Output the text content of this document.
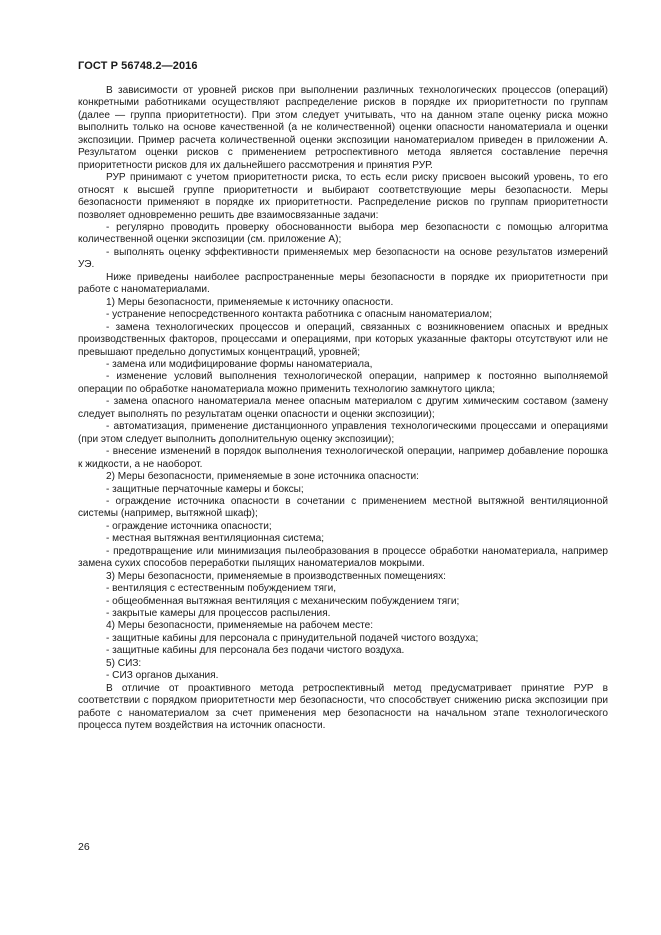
ГОСТ Р 56748.2—2016

В зависимости от уровней рисков при выполнении различных технологических процессов (операций) конкретными работниками осуществляют распределение рисков в порядке их приоритетности по группам (далее — группа приоритетности). При этом следует учитывать, что на данном этапе оценку риска можно выполнить только на основе качественной (а не количественной) оценки опасности наноматериала и оценки экспозиции. Пример расчета количественной оценки экспозиции наноматериалом приведен в приложении А. Результатом оценки рисков с применением ретроспективного метода является составление перечня приоритетности рисков для их дальнейшего рассмотрения и принятия РУР.

РУР принимают с учетом приоритетности риска, то есть если риску присвоен высокий уровень, то его относят к высшей группе приоритетности и выбирают соответствующие меры безопасности. Меры безопасности применяют в порядке их приоритетности. Распределение рисков по группам приоритетности позволяет одновременно решить две взаимосвязанные задачи:

- регулярно проводить проверку обоснованности выбора мер безопасности с помощью алгоритма количественной оценки экспозиции (см. приложение А);

- выполнять оценку эффективности применяемых мер безопасности на основе результатов измерений УЭ.

Ниже приведены наиболее распространенные меры безопасности в порядке их приоритетности при работе с наноматериалами.

1) Меры безопасности, применяемые к источнику опасности.

- устранение непосредственного контакта работника с опасным наноматериалом;

- замена технологических процессов и операций, связанных с возникновением опасных и вредных производственных факторов, процессами и операциями, при которых указанные факторы отсутствуют или не превышают предельно допустимых концентраций, уровней;

- замена или модифицирование формы наноматериала,

- изменение условий выполнения технологической операции, например к постоянно выполняемой операции по обработке наноматериала можно применить технологию замкнутого цикла;

- замена опасного наноматериала менее опасным материалом с другим химическим составом (замену следует выполнять по результатам оценки опасности и оценки экспозиции);

- автоматизация, применение дистанционного управления технологическими процессами и операциями (при этом следует выполнить дополнительную оценку экспозиции);

- внесение изменений в порядок выполнения технологической операции, например добавление порошка к жидкости, а не наоборот.

2) Меры безопасности, применяемые в зоне источника опасности:

- защитные перчаточные камеры и боксы;

- ограждение источника опасности в сочетании с применением местной вытяжной вентиляционной системы (например, вытяжной шкаф);

- ограждение источника опасности;

- местная вытяжная вентиляционная система;

- предотвращение или минимизация пылеобразования в процессе обработки наноматериала, например замена сухих способов переработки пылящих наноматериалов мокрыми.

3) Меры безопасности, применяемые в производственных помещениях:

- вентиляция с естественным побуждением тяги,

- общеобменная вытяжная вентиляция с механическим побуждением тяги;

- закрытые камеры для процессов распыления.

4) Меры безопасности, применяемые на рабочем месте:

- защитные кабины для персонала с принудительной подачей чистого воздуха;

- защитные кабины для персонала без подачи чистого воздуха.

5) СИЗ:

- СИЗ органов дыхания.

В отличие от проактивного метода ретроспективный метод предусматривает принятие РУР в соответствии с порядком приоритетности мер безопасности, что способствует снижению риска экспозиции при работе с наноматериалом за счет применения мер безопасности на начальном этапе технологического процесса путем воздействия на источник опасности.

26
